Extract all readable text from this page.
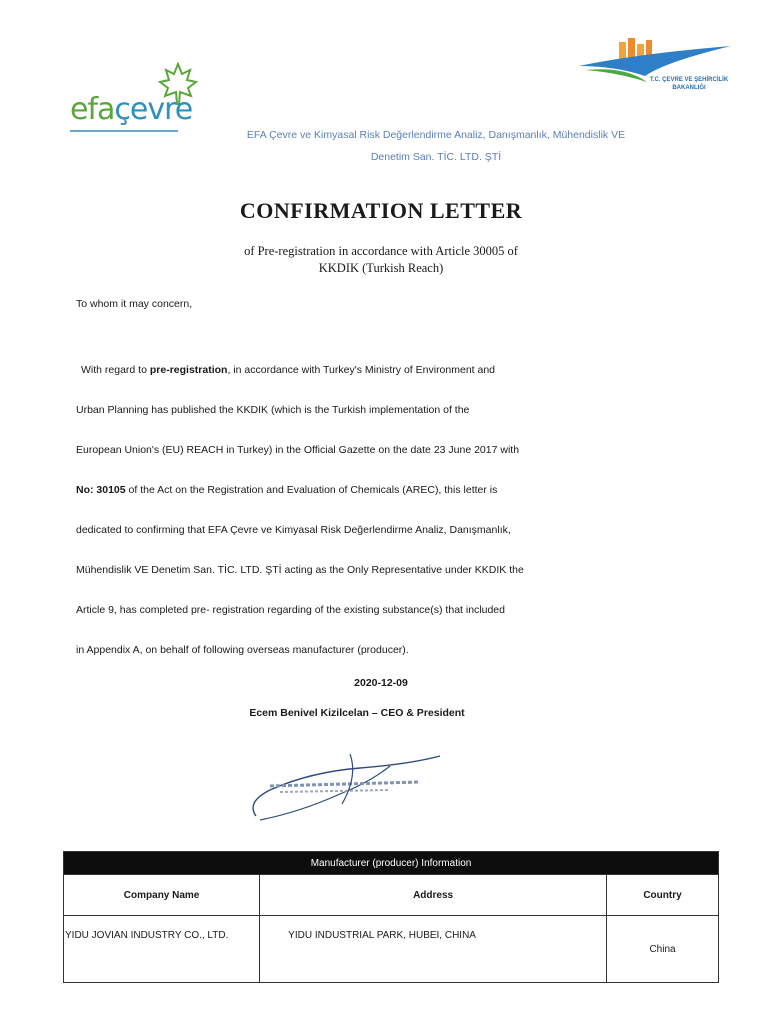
efaçevre
T.C. ÇEVRE VE ŞEHİRCİLİK BAKANLIĞI
EFA Çevre ve Kimyasal Risk Değerlendirme Analiz, Danışmanlık, Mühendislik VE
Denetim San. TİC. LTD. ŞTİ
CONFIRMATION LETTER
of Pre-registration in accordance with Article 30005 of
KKDIK (Turkish Reach)
To whom it may concern,
With regard to pre-registration, in accordance with Turkey's Ministry of Environment and
Urban Planning has published the KKDIK (which is the Turkish implementation of the
European Union's (EU) REACH in Turkey) in the Official Gazette on the date 23 June 2017 with
No: 30105 of the Act on the Registration and Evaluation of Chemicals (AREC), this letter is
dedicated to confirming that EFA Çevre ve Kimyasal Risk Değerlendirme Analiz, Danışmanlık,
Mühendislik VE Denetim San. TİC. LTD. ŞTİ acting as the Only Representative under KKDIK the
Article 9, has completed pre- registration regarding of the existing substance(s) that included
in Appendix A, on behalf of following overseas manufacturer (producer).
2020-12-09
Ecem Benivel Kizilcelan – CEO & President
Manufacturer (producer) Information		
Company Name	Address	Country
YIDU JOVIAN INDUSTRY CO., LTD.	YIDU INDUSTRIAL PARK, HUBEI, CHINA	China
